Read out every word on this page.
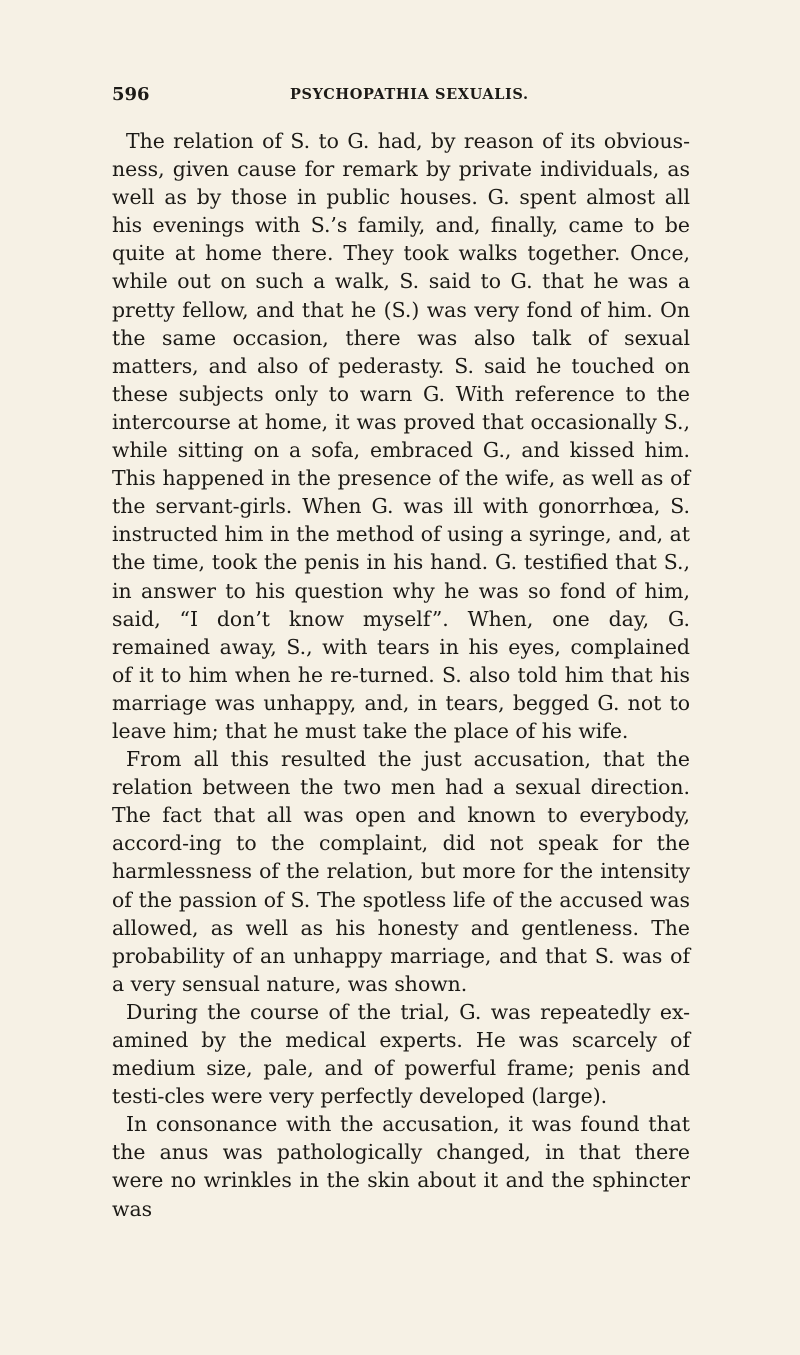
596	PSYCHOPATHIA SEXUALIS.

The relation of S. to G. had, by reason of its obvious-ness, given cause for remark by private individuals, as well as by those in public houses. G. spent almost all his evenings with S.’s family, and, finally, came to be quite at home there. They took walks together. Once, while out on such a walk, S. said to G. that he was a pretty fellow, and that he (S.) was very fond of him. On the same occasion, there was also talk of sexual matters, and also of pederasty. S. said he touched on these subjects only to warn G. With reference to the intercourse at home, it was proved that occasionally S., while sitting on a sofa, embraced G., and kissed him. This happened in the presence of the wife, as well as of the servant-girls. When G. was ill with gonorrhœa, S. instructed him in the method of using a syringe, and, at the time, took the penis in his hand. G. testified that S., in answer to his question why he was so fond of him, said, “I don’t know myself”. When, one day, G. remained away, S., with tears in his eyes, complained of it to him when he re-turned. S. also told him that his marriage was unhappy, and, in tears, begged G. not to leave him; that he must take the place of his wife.

From all this resulted the just accusation, that the relation between the two men had a sexual direction. The fact that all was open and known to everybody, accord-ing to the complaint, did not speak for the harmlessness of the relation, but more for the intensity of the passion of S. The spotless life of the accused was allowed, as well as his honesty and gentleness. The probability of an unhappy marriage, and that S. was of a very sensual nature, was shown.

During the course of the trial, G. was repeatedly ex-amined by the medical experts. He was scarcely of medium size, pale, and of powerful frame; penis and testi-cles were very perfectly developed (large).

In consonance with the accusation, it was found that the anus was pathologically changed, in that there were no wrinkles in the skin about it and the sphincter was
